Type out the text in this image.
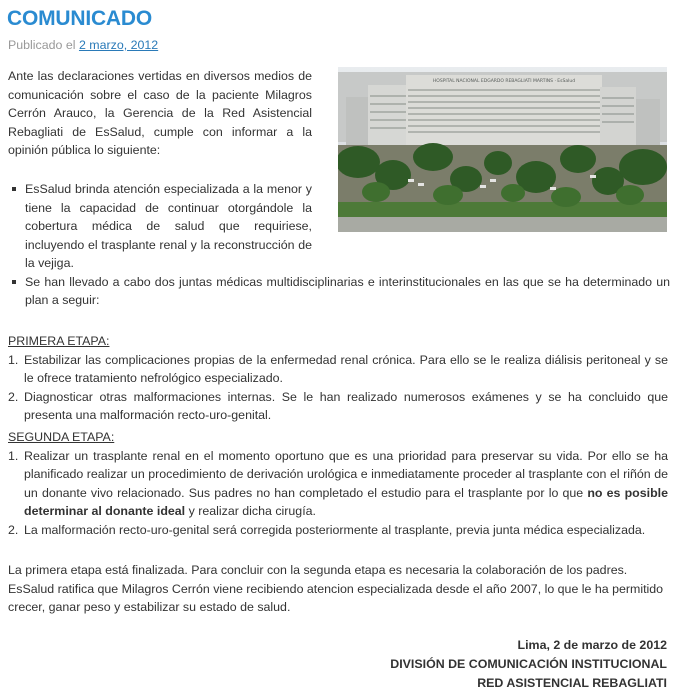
COMUNICADO
Publicado el 2 marzo, 2012
HOSPITAL NACIONAL EDGARDO REBAGLIATI MARTINS · EsSalud
Ante las declaraciones vertidas en diversos medios de comunicación sobre el caso de la paciente Milagros Cerrón Arauco, la Gerencia de la Red Asistencial Rebagliati de EsSalud, cumple con informar a la opinión pública lo siguiente:
EsSalud brinda atención especializada a la menor y tiene la capacidad de continuar otorgándole la cobertura médica de salud que requiriese, incluyendo el trasplante renal y la reconstrucción de la vejiga.
Se han llevado a cabo dos juntas médicas multidisciplinarias e interinstitucionales en las que se ha determinado un plan a seguir:
PRIMERA ETAPA:
1. Estabilizar las complicaciones propias de la enfermedad renal crónica. Para ello se le realiza diálisis peritoneal y se le ofrece tratamiento nefrológico especializado.
2. Diagnosticar otras malformaciones internas. Se le han realizado numerosos exámenes y se ha concluido que presenta una malformación recto-uro-genital.
SEGUNDA ETAPA:
1. Realizar un trasplante renal en el momento oportuno que es una prioridad para preservar su vida. Por ello se ha planificado realizar un procedimiento de derivación urológica e inmediatamente proceder al trasplante con el riñón de un donante vivo relacionado. Sus padres no han completado el estudio para el trasplante por lo que no es posible determinar al donante ideal y realizar dicha cirugía.
2. La malformación recto-uro-genital será corregida posteriormente al trasplante, previa junta médica especializada.
La primera etapa está finalizada. Para concluir con la segunda etapa es necesaria la colaboración de los padres. EsSalud ratifica que Milagros Cerrón viene recibiendo atencion especializada desde el año 2007, lo que le ha permitido crecer, ganar peso y estabilizar su estado de salud.
Lima, 2 de marzo de 2012
DIVISIÓN DE COMUNICACIÓN INSTITUCIONAL
RED ASISTENCIAL REBAGLIATI
